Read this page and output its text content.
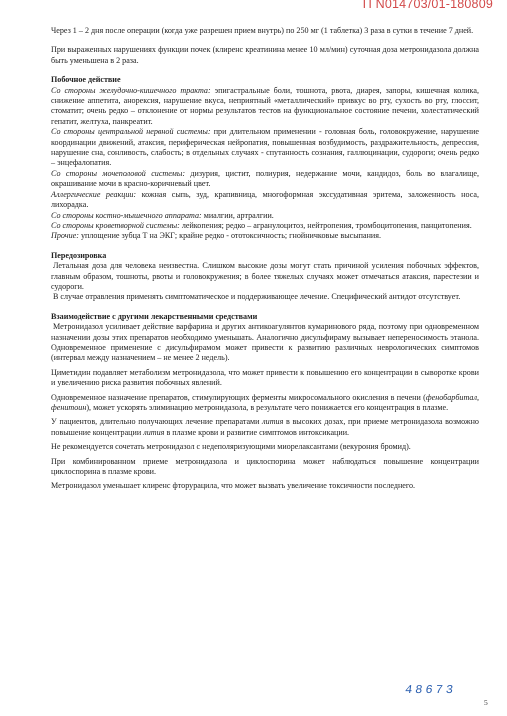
П N014703/01-180809

Через 1 – 2 дня после операции (когда уже разрешен прием внутрь) по 250 мг (1 таблетка) 3 раза в сутки в течение 7 дней.

При выраженных нарушениях функции почек (клиренс креатинина менее 10 мл/мин) суточная доза метронидазола должна быть уменьшена в 2 раза.

Побочное действие

Со стороны желудочно-кишечного тракта: эпигастральные боли, тошнота, рвота, диарея, запоры, кишечная колика, снижение аппетита, анорексия, нарушение вкуса, неприятный «металлический» привкус во рту, сухость во рту, глоссит, стоматит; очень редко – отклонение от нормы результатов тестов на функциональное состояние печени, холестатический гепатит, желтуха, панкреатит.

Со стороны центральной нервной системы: при длительном применении - головная боль, головокружение, нарушение координации движений, атаксия, периферическая нейропатия, повышенная возбудимость, раздражительность, депрессия, нарушение сна, сонливость, слабость; в отдельных случаях - спутанность сознания, галлюцинации, судороги; очень редко – энцефалопатия.

Со стороны мочеполовой системы: дизурия, цистит, полиурия, недержание мочи, кандидоз, боль во влагалище, окрашивание мочи в красно-коричневый цвет.

Аллергические реакции: кожная сыпь, зуд, крапивница, многоформная экссудативная эритема, заложенность носа, лихорадка.

Со стороны костно-мышечного аппарата: миалгии, артралгии.

Со стороны кроветворной системы: лейкопения; редко – агранулоцитоз, нейтропения, тромбоцитопения, панцитопения.

Прочие: уплощение зубца Т на ЭКГ; крайне редко - ототоксичность; гнойничковые высыпания.

Передозировка

Летальная доза для человека неизвестна. Слишком высокие дозы могут стать причиной усиления побочных эффектов, главным образом, тошноты, рвоты и головокружения; в более тяжелых случаях может отмечаться атаксия, парестезии и судороги.

В случае отравления применять симптоматическое и поддерживающее лечение. Специфический антидот отсутствует.

Взаимодействие с другими лекарственными средствами

Метронидазол усиливает действие варфарина и других антикоагулянтов кумаринового ряда, поэтому при одновременном назначении дозы этих препаратов необходимо уменьшать. Аналогично дисульфираму вызывает непереносимость этанола. Одновременное применение с дисульфирамом может привести к развитию различных неврологических симптомов (интервал между назначением – не менее 2 недель).

Циметидин подавляет метаболизм метронидазола, что может привести к повышению его концентрации в сыворотке крови и увеличению риска развития побочных явлений.

Одновременное назначение препаратов, стимулирующих ферменты микросомального окисления в печени (фенобарбитал, фенитоин), может ускорять элиминацию метронидазола, в результате чего понижается его концентрация в плазме.

У пациентов, длительно получающих лечение препаратами лития в высоких дозах, при приеме метронидазола возможно повышение концентрации лития в плазме крови и развитие симптомов интоксикации.

Не рекомендуется сочетать метронидазол с недеполяризующими миорелаксантами (векурония бромид).

При комбинированном приеме метронидазола и циклоспорина может наблюдаться повышение концентрации циклоспорина в плазме крови.

Метронидазол уменьшает клиренс фторурацила, что может вызвать увеличение токсичности последнего.

48673
5
